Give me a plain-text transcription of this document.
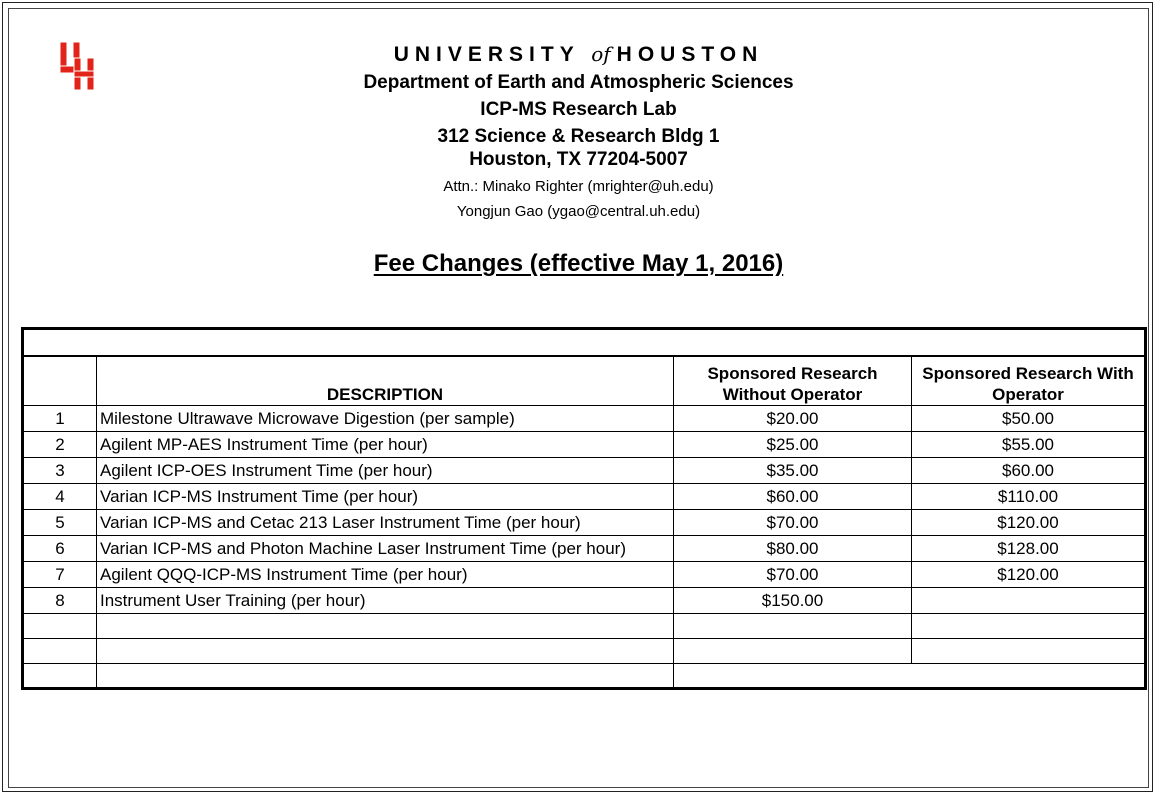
UNIVERSITY of HOUSTON
Department of Earth and Atmospheric Sciences
ICP-MS Research Lab
312 Science & Research Bldg 1
Houston, TX 77204-5007
Attn.: Minako Righter (mrighter@uh.edu)
Yongjun Gao (ygao@central.uh.edu)
Fee Changes (effective May 1, 2016)

	DESCRIPTION	Sponsored Research Without Operator	Sponsored Research With Operator
1	Milestone Ultrawave Microwave Digestion (per sample)	$20.00	$50.00
2	Agilent MP-AES Instrument Time (per hour)	$25.00	$55.00
3	Agilent ICP-OES Instrument Time (per hour)	$35.00	$60.00
4	Varian ICP-MS Instrument Time (per hour)	$60.00	$110.00
5	Varian ICP-MS and Cetac 213 Laser Instrument Time (per hour)	$70.00	$120.00
6	Varian ICP-MS and Photon Machine Laser Instrument Time (per hour)	$80.00	$128.00
7	Agilent QQQ-ICP-MS Instrument Time (per hour)	$70.00	$120.00
8	Instrument User Training (per hour)	$150.00	
